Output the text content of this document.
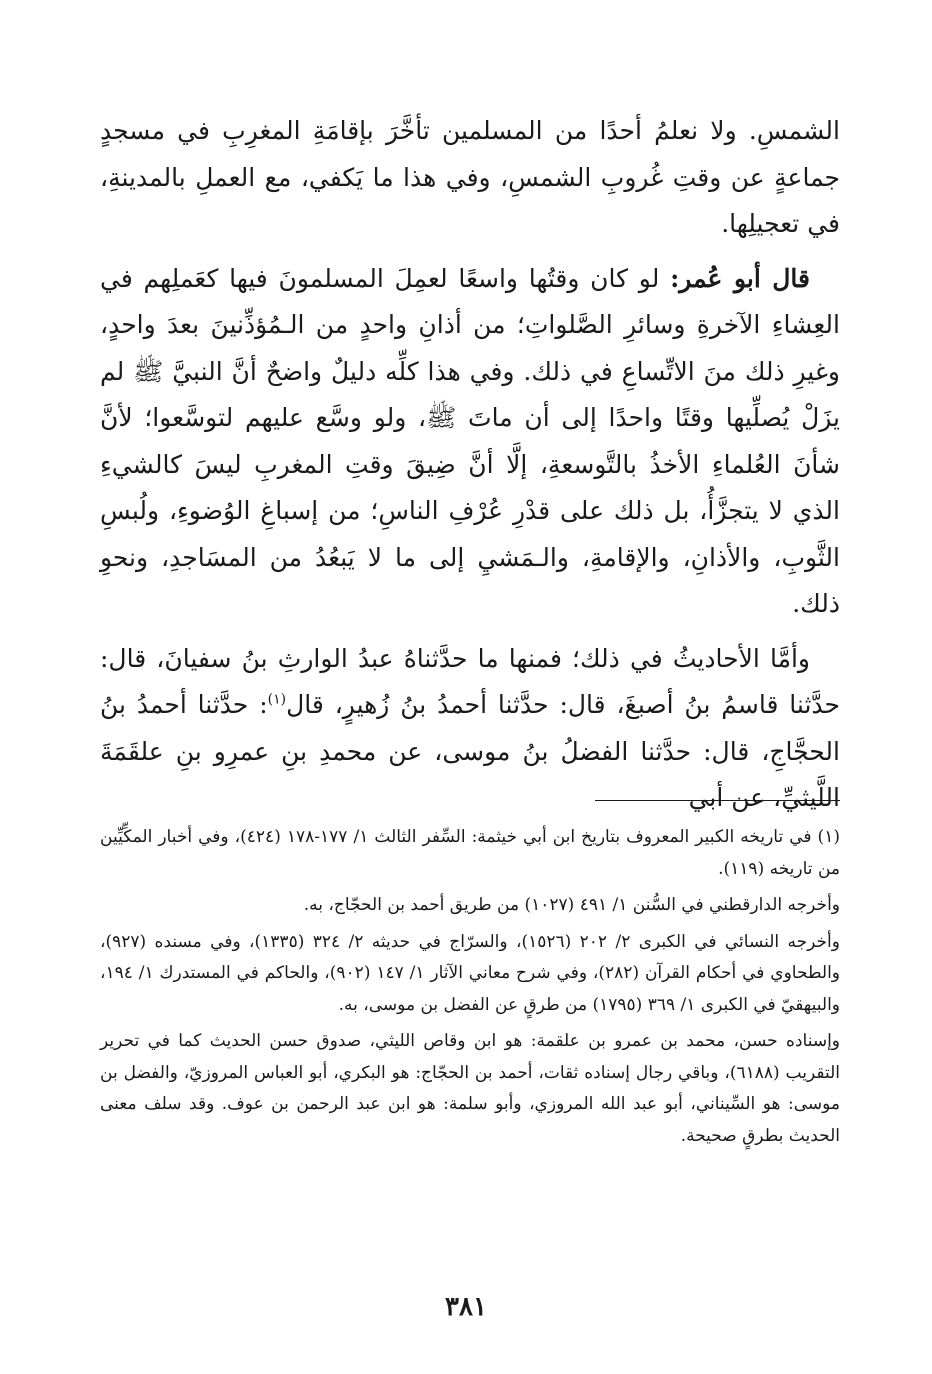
الشمسِ. ولا نعلمُ أحدًا من المسلمين تأخَّرَ بإقامَةِ المغرِبِ في مسجدٍ جماعةٍ عن وقتِ غُروبِ الشمسِ، وفي هذا ما يَكفي، مع العملِ بالمدينةِ، في تعجيلِها.

قال أبو عُمر: لو كان وقتُها واسعًا لعمِلَ المسلمونَ فيها كعَملِهم في العِشاءِ الآخرةِ وسائرِ الصَّلواتِ؛ من أذانِ واحدٍ من الـمُؤذِّنينَ بعدَ واحدٍ، وغيرِ ذلك منَ الاتِّساعِ في ذلك. وفي هذا كلِّه دليلٌ واضحٌ أنَّ النبيَّ ﷺ لم يزَلْ يُصلِّيها وقتًا واحدًا إلى أن ماتَ ﷺ، ولو وسَّع عليهم لتوسَّعوا؛ لأنَّ شأنَ العُلماءِ الأخذُ بالتَّوسعةِ، إلَّا أنَّ ضِيقَ وقتِ المغربِ ليسَ كالشيءِ الذي لا يتجزَّأُ، بل ذلك على قدْرِ عُرْفِ الناسِ؛ من إسباغِ الوُضوءِ، ولُبسِ الثَّوبِ، والأذانِ، والإقامةِ، والـمَشيِ إلى ما لا يَبعُدُ من المسَاجدِ، ونحوِ ذلك.

وأمَّا الأحاديثُ في ذلك؛ فمنها ما حدَّثناهُ عبدُ الوارثِ بنُ سفيانَ، قال: حدَّثنا قاسمُ بنُ أصبغَ، قال: حدَّثنا أحمدُ بنُ زُهيرٍ، قال$^{(١)}$: حدَّثنا أحمدُ بنُ الحجَّاجِ، قال: حدَّثنا الفضلُ بنُ موسى، عن محمدِ بنِ عمرِو بنِ علقَمَةَ اللَّيثيِّ، عن أبي

(١) في تاريخه الكبير المعروف بتاريخ ابن أبي خيثمة: السِّفر الثالث ١/ ١٧٧-١٧٨ (٤٢٤)، وفي أخبار المكِّيِّين من تاريخه (١١٩).

وأخرجه الدارقطني في السُّنن ١/ ٤٩١ (١٠٢٧) من طريق أحمد بن الحجّاج، به.

وأخرجه النسائي في الكبرى ٢/ ٢٠٢ (١٥٢٦)، والسرّاج في حديثه ٢/ ٣٢٤ (١٣٣٥)، وفي مسنده (٩٢٧)، والطحاوي في أحكام القرآن (٢٨٢)، وفي شرح معاني الآثار ١/ ١٤٧ (٩٠٢)، والحاكم في المستدرك ١/ ١٩٤، والبيهقيّ في الكبرى ١/ ٣٦٩ (١٧٩٥) من طرقٍ عن الفضل بن موسى، به.

وإسناده حسن، محمد بن عمرو بن علقمة: هو ابن وقاص الليثي، صدوق حسن الحديث كما في تحرير التقريب (٦١٨٨)، وباقي رجال إسناده ثقات، أحمد بن الحجّاج: هو البكري، أبو العباس المروزيّ، والفضل بن موسى: هو السِّيناني، أبو عبد الله المروزي، وأبو سلمة: هو ابن عبد الرحمن بن عوف. وقد سلف معنى الحديث بطرقٍ صحيحة.

٣٨١
